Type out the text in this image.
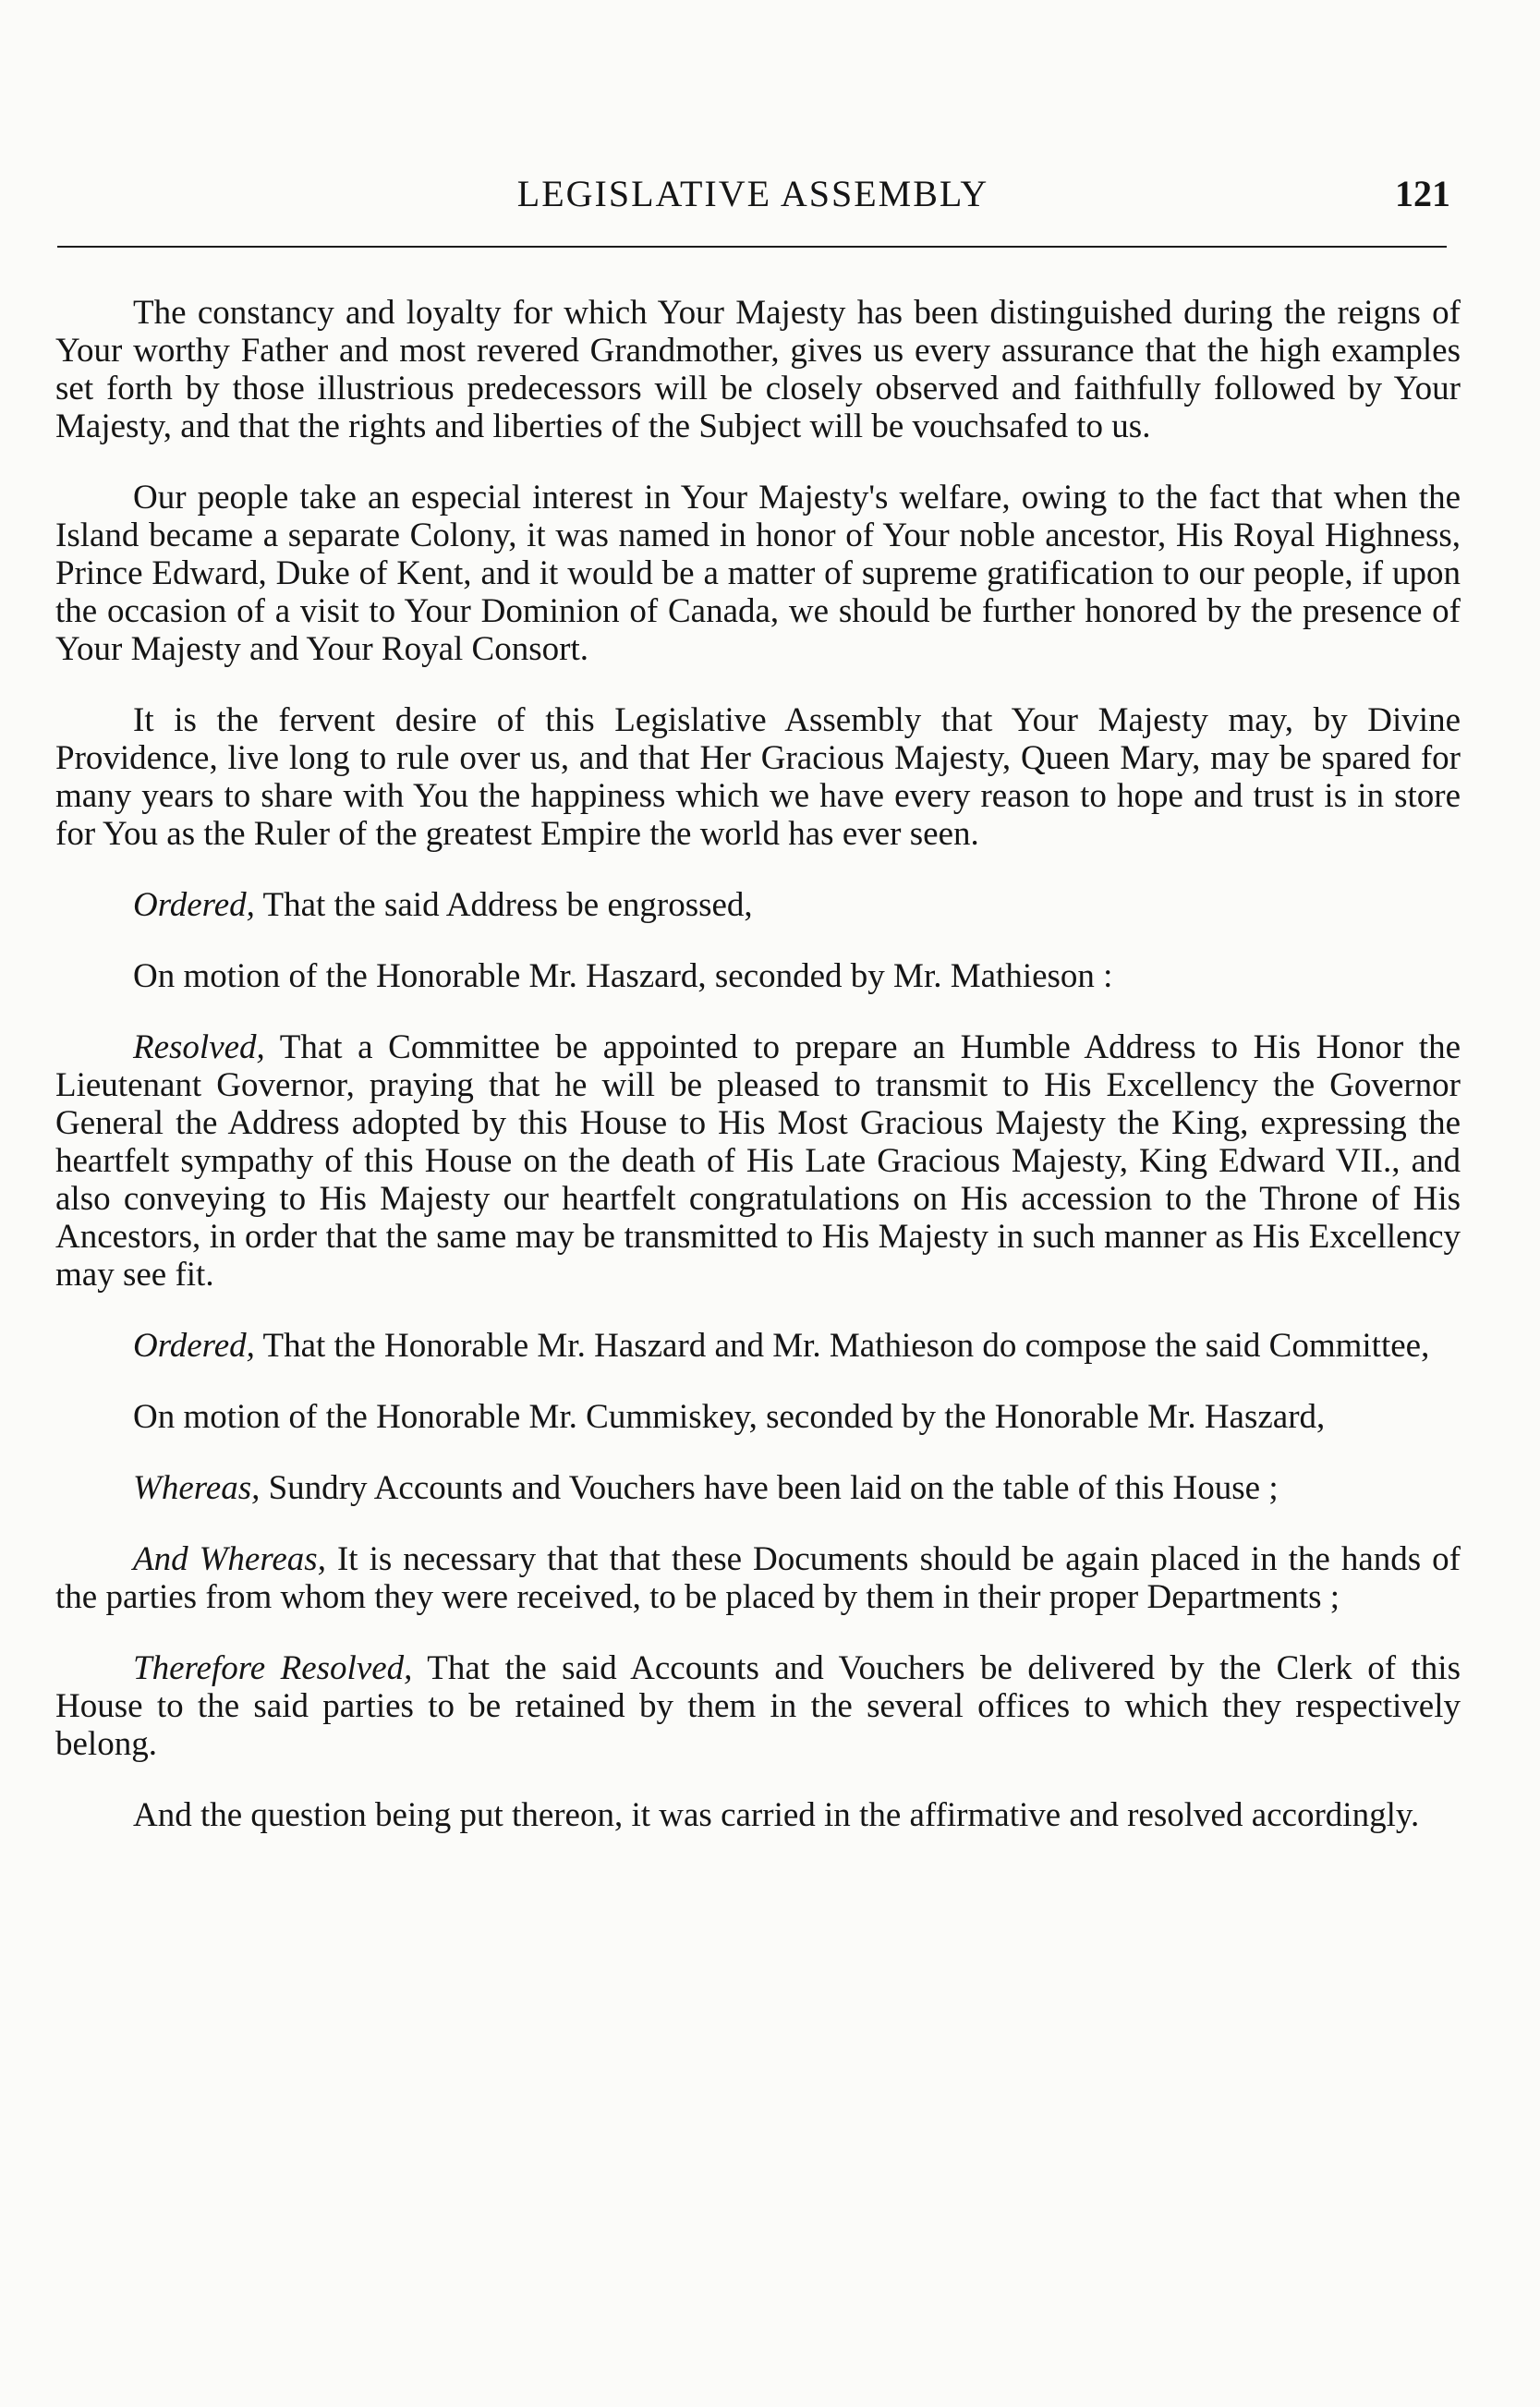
LEGISLATIVE ASSEMBLY	121

The constancy and loyalty for which Your Majesty has been distinguished during the reigns of Your worthy Father and most revered Grandmother, gives us every assurance that the high examples set forth by those illustrious predecessors will be closely observed and faithfully followed by Your Majesty, and that the rights and liberties of the Subject will be vouchsafed to us.

Our people take an especial interest in Your Majesty's welfare, owing to the fact that when the Island became a separate Colony, it was named in honor of Your noble ancestor, His Royal Highness, Prince Edward, Duke of Kent, and it would be a matter of supreme gratification to our people, if upon the occasion of a visit to Your Dominion of Canada, we should be further honored by the presence of Your Majesty and Your Royal Consort.

It is the fervent desire of this Legislative Assembly that Your Majesty may, by Divine Providence, live long to rule over us, and that Her Gracious Majesty, Queen Mary, may be spared for many years to share with You the happiness which we have every reason to hope and trust is in store for You as the Ruler of the greatest Empire the world has ever seen.

Ordered, That the said Address be engrossed,

On motion of the Honorable Mr. Haszard, seconded by Mr. Mathieson :

Resolved, That a Committee be appointed to prepare an Humble Address to His Honor the Lieutenant Governor, praying that he will be pleased to transmit to His Excellency the Governor General the Address adopted by this House to His Most Gracious Majesty the King, expressing the heartfelt sympathy of this House on the death of His Late Gracious Majesty, King Edward VII., and also conveying to His Majesty our heartfelt congratulations on His accession to the Throne of His Ancestors, in order that the same may be transmitted to His Majesty in such manner as His Excellency may see fit.

Ordered, That the Honorable Mr. Haszard and Mr. Mathieson do compose the said Committee,

On motion of the Honorable Mr. Cummiskey, seconded by the Honorable Mr. Haszard,

Whereas, Sundry Accounts and Vouchers have been laid on the table of this House ;

And Whereas, It is necessary that that these Documents should be again placed in the hands of the parties from whom they were received, to be placed by them in their proper Departments ;

Therefore Resolved, That the said Accounts and Vouchers be delivered by the Clerk of this House to the said parties to be retained by them in the several offices to which they respectively belong.

And the question being put thereon, it was carried in the affirmative and resolved accordingly.
